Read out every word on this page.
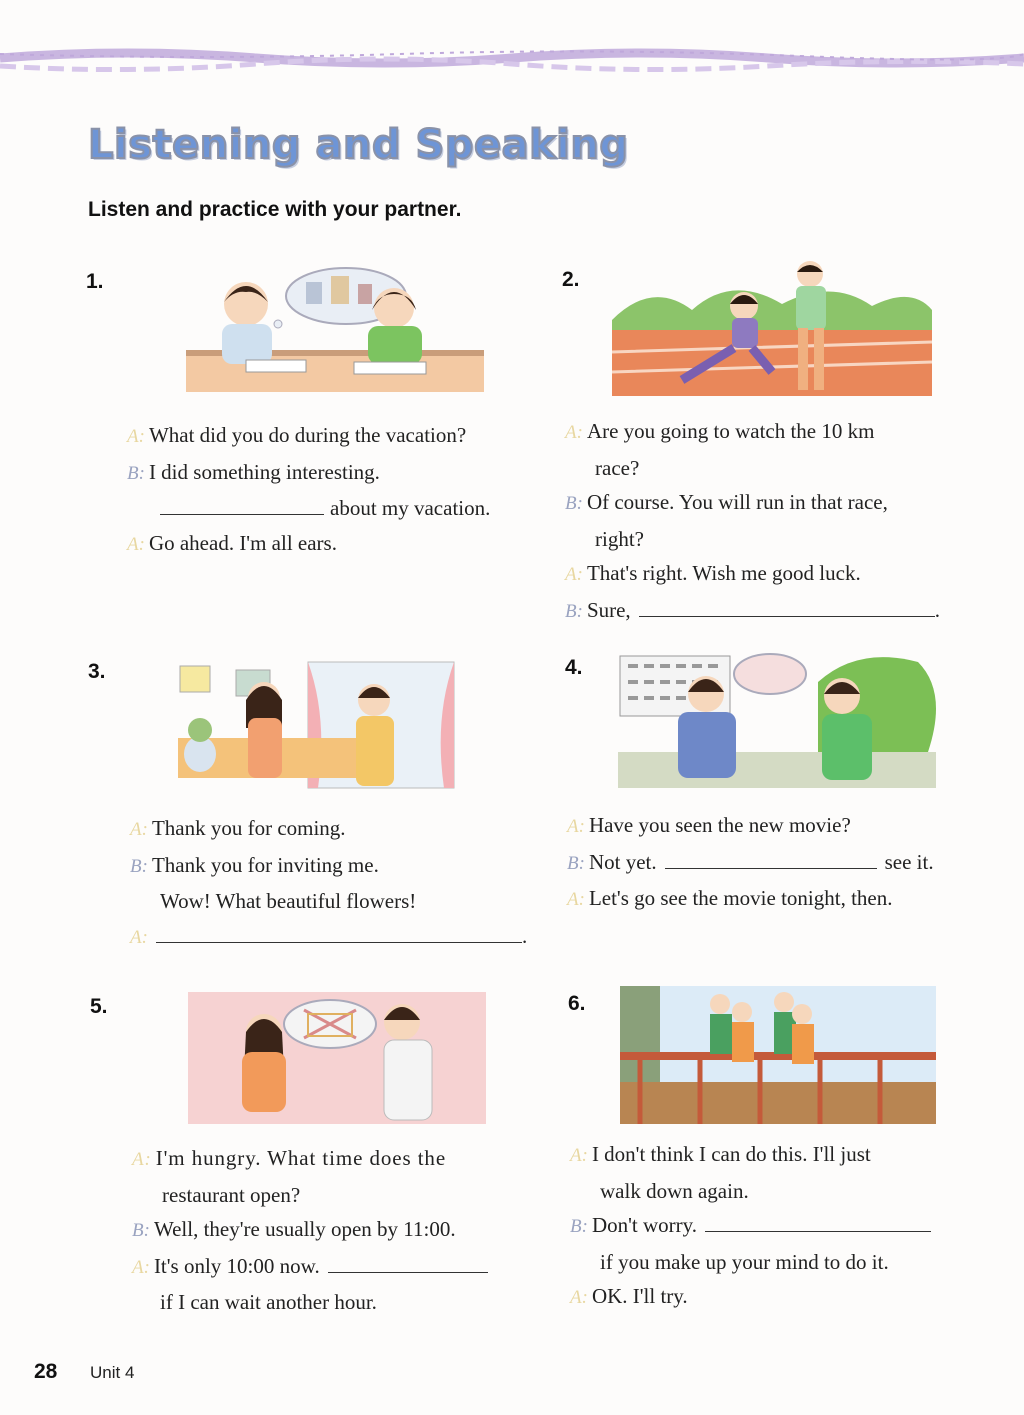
Listening and Speaking
Listen and practice with your partner.
1.
A: What did you do during the vacation?
B: I did something interesting.
about my vacation.
A: Go ahead. I'm all ears.
2.
A: Are you going to watch the 10 km
race?
B: Of course. You will run in that race,
right?
A: That's right. Wish me good luck.
B: Sure,	.
3.
A: Thank you for coming.
B: Thank you for inviting me.
Wow! What beautiful flowers!
A:	.
4.
A: Have you seen the new movie?
B: Not yet.	see it.
A: Let's go see the movie tonight, then.
5.
A: I'm hungry. What time does the
restaurant open?
B: Well, they're usually open by 11:00.
A: It's only 10:00 now.
if I can wait another hour.
6.
A: I don't think I can do this. I'll just
walk down again.
B: Don't worry.
if you make up your mind to do it.
A: OK. I'll try.
28 Unit 4
